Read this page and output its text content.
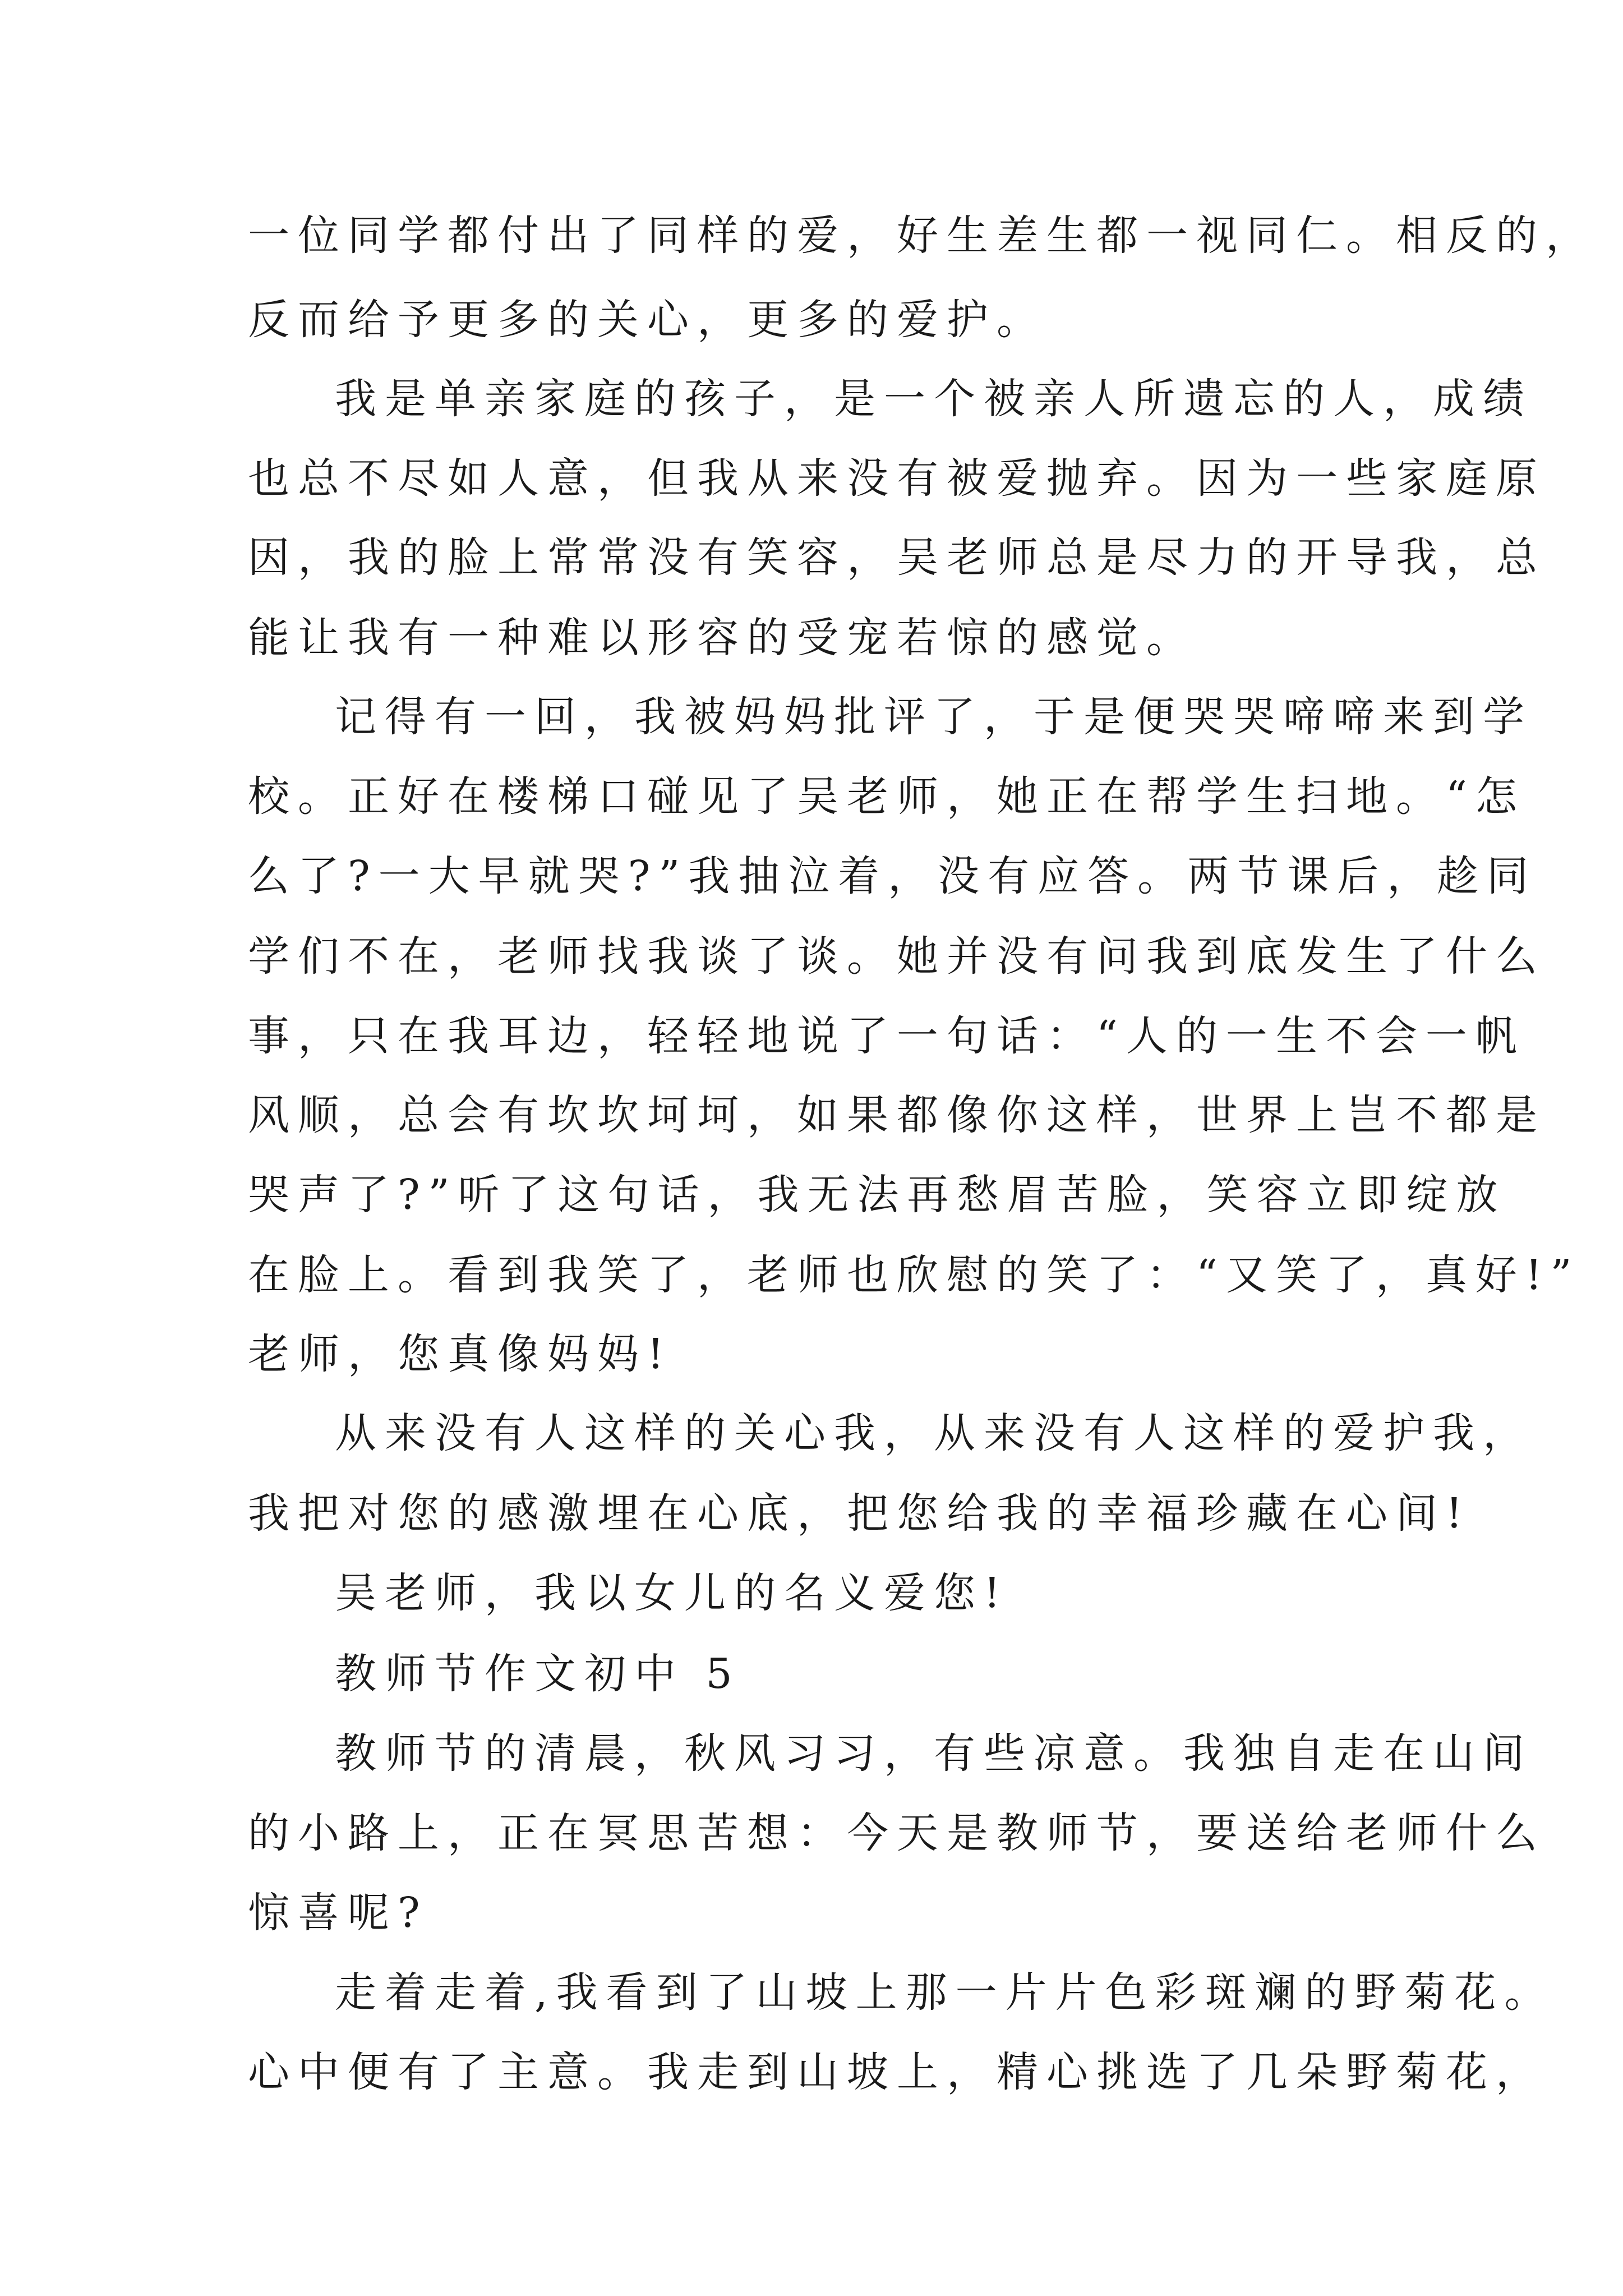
一位同学都付出了同样的爱，好生差生都一视同仁。相反的，
反而给予更多的关心，更多的爱护。
我是单亲家庭的孩子，是一个被亲人所遗忘的人，成绩
也总不尽如人意，但我从来没有被爱抛弃。因为一些家庭原
因，我的脸上常常没有笑容，吴老师总是尽力的开导我，总
能让我有一种难以形容的受宠若惊的感觉。
记得有一回，我被妈妈批评了，于是便哭哭啼啼来到学
校。正好在楼梯口碰见了吴老师，她正在帮学生扫地。“怎
么了?一大早就哭?”我抽泣着，没有应答。两节课后，趁同
学们不在，老师找我谈了谈。她并没有问我到底发生了什么
事，只在我耳边，轻轻地说了一句话：“人的一生不会一帆
风顺，总会有坎坎坷坷，如果都像你这样，世界上岂不都是
哭声了?”听了这句话，我无法再愁眉苦脸，笑容立即绽放
在脸上。看到我笑了，老师也欣慰的笑了：“又笑了，真好!”
老师，您真像妈妈!
从来没有人这样的关心我，从来没有人这样的爱护我，
我把对您的感激埋在心底，把您给我的幸福珍藏在心间!
吴老师，我以女儿的名义爱您!
教师节作文初中 5
教师节的清晨，秋风习习，有些凉意。我独自走在山间
的小路上，正在冥思苦想：今天是教师节，要送给老师什么
惊喜呢?
走着走着,我看到了山坡上那一片片色彩斑斓的野菊花。
心中便有了主意。我走到山坡上，精心挑选了几朵野菊花，
